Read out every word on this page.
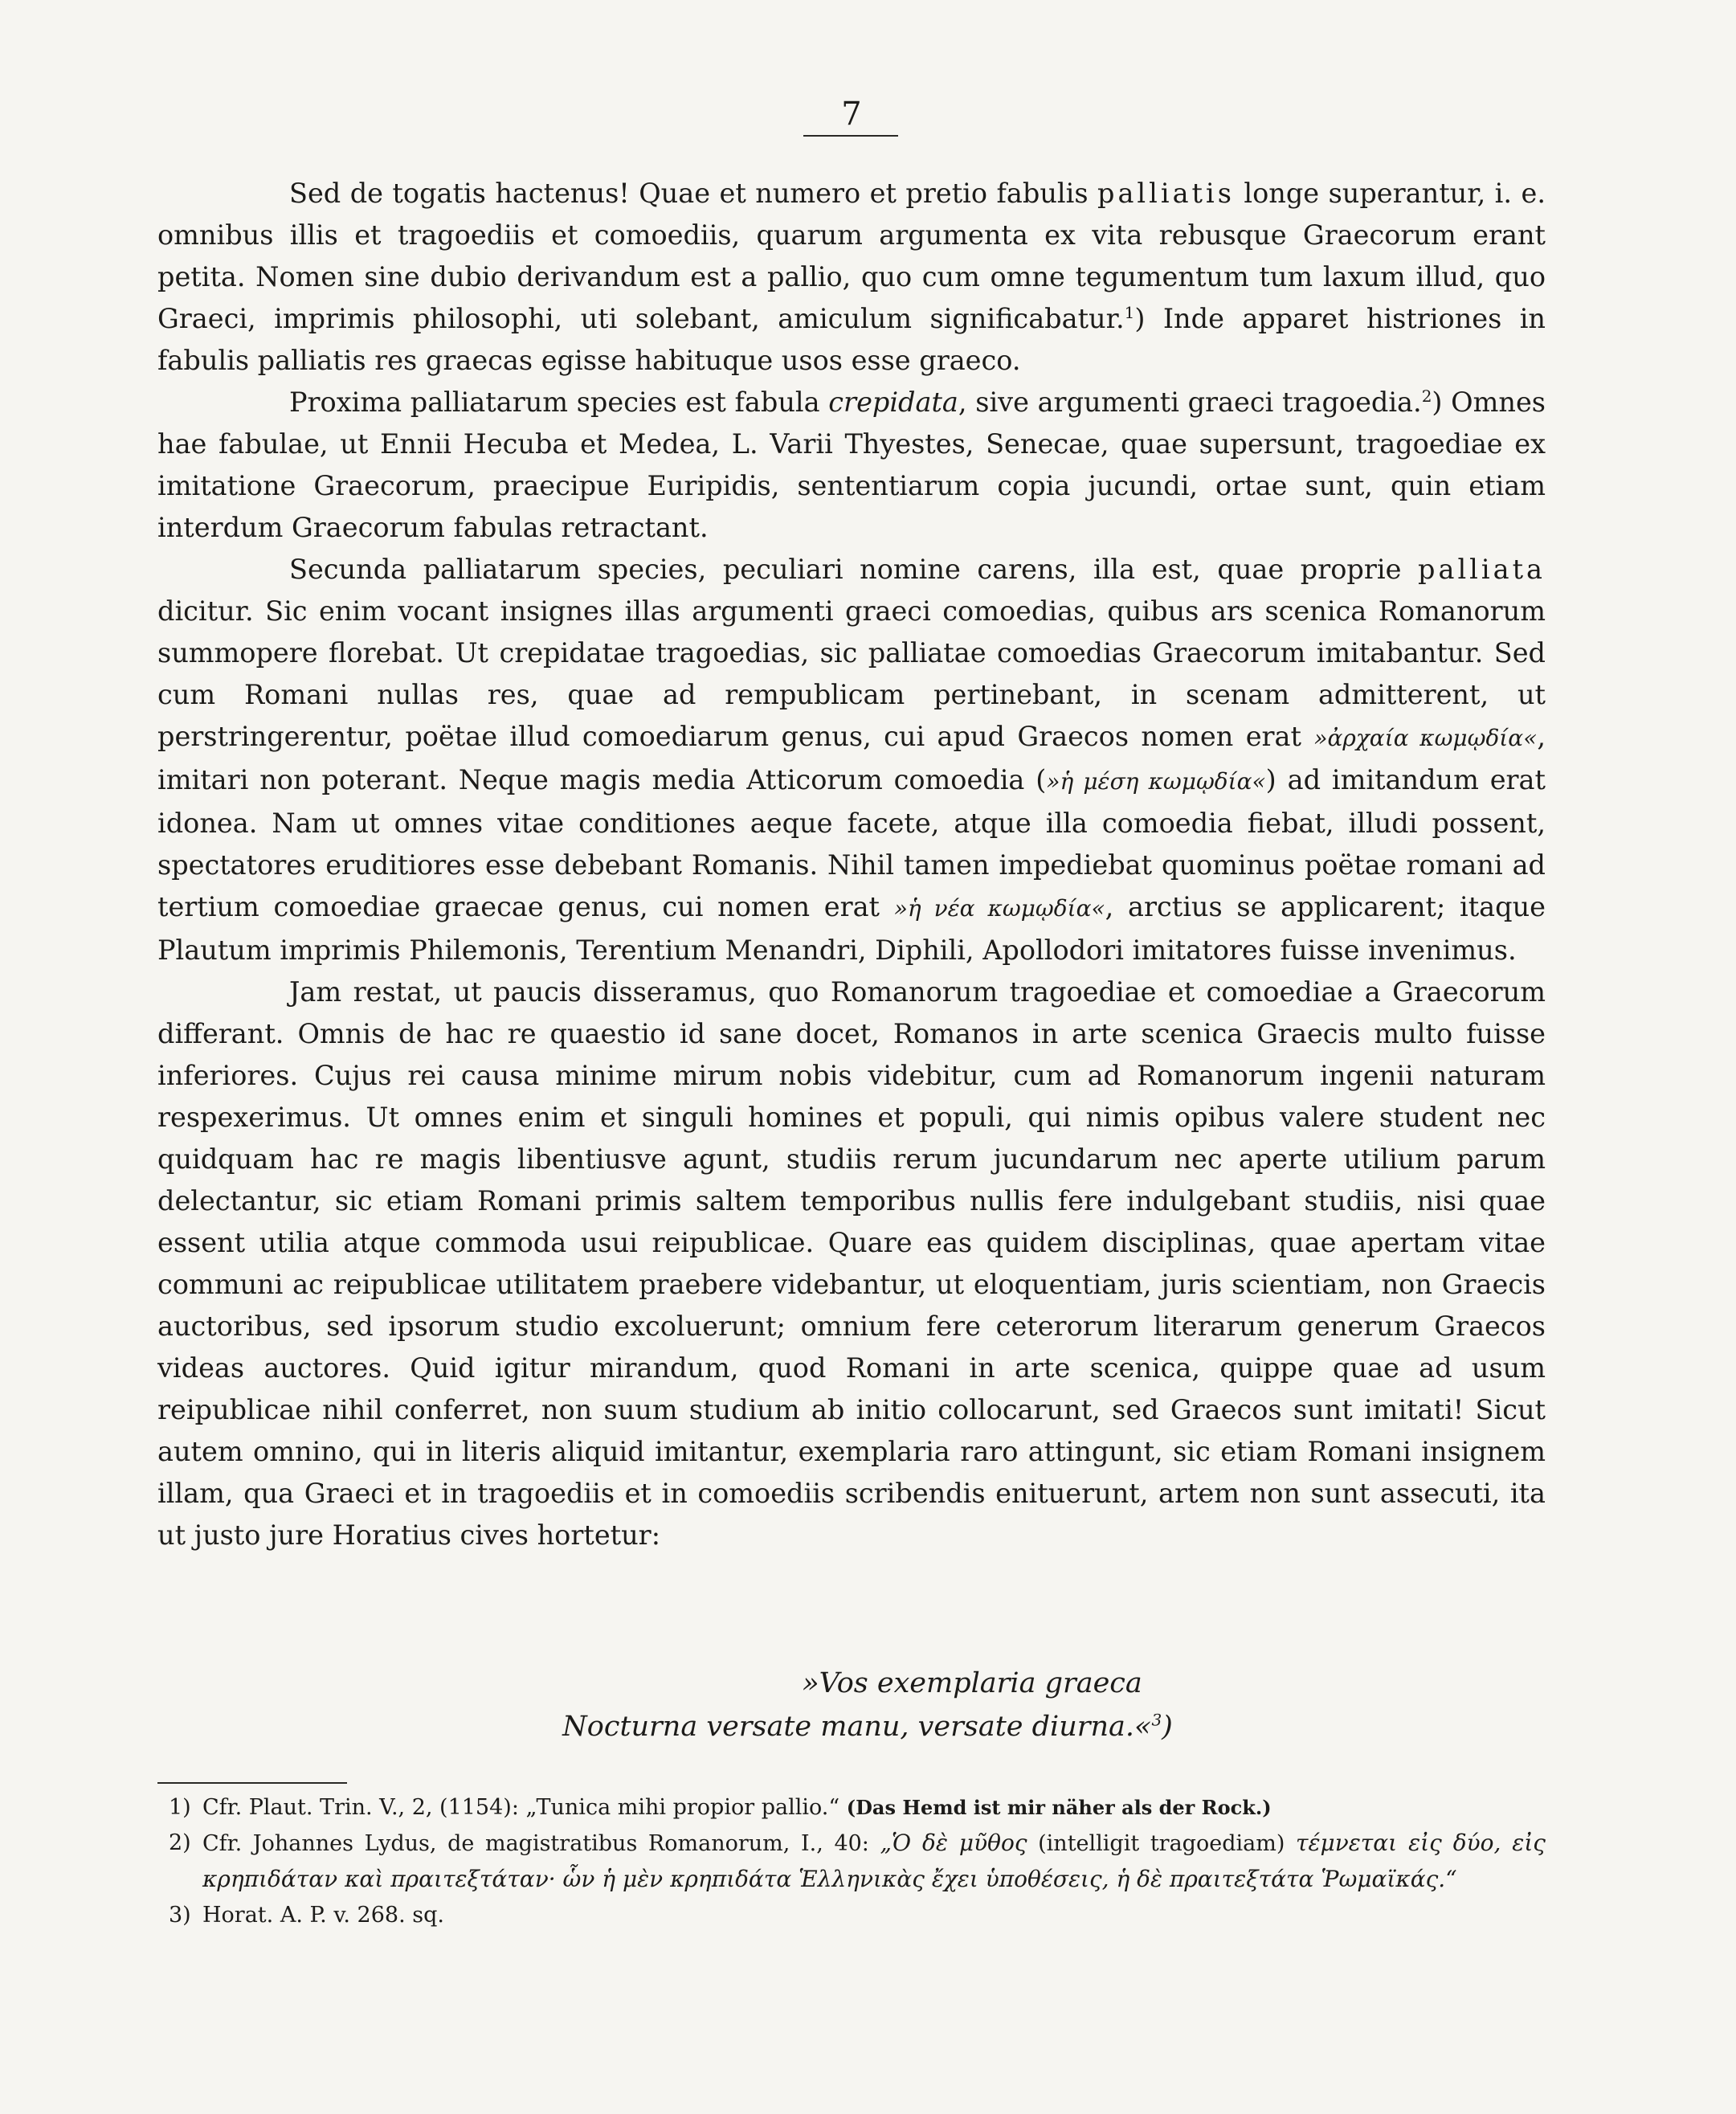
7

Sed de togatis hactenus! Quae et numero et pretio fabulis palliatis longe superantur, i. e. omnibus illis et tragoediis et comoediis, quarum argumenta ex vita rebusque Graecorum erant petita. Nomen sine dubio derivandum est a pallio, quo cum omne tegumentum tum laxum illud, quo Graeci, imprimis philosophi, uti solebant, amiculum significabatur.$^1$) Inde apparet histriones in fabulis palliatis res graecas egisse habituque usos esse graeco.

Proxima palliatarum species est fabula crepidata, sive argumenti graeci tragoedia.$^2$) Omnes hae fabulae, ut Ennii Hecuba et Medea, L. Varii Thyestes, Senecae, quae supersunt, tragoediae ex imitatione Graecorum, praecipue Euripidis, sententiarum copia jucundi, ortae sunt, quin etiam interdum Graecorum fabulas retractant.

Secunda palliatarum species, peculiari nomine carens, illa est, quae proprie palliata dicitur. Sic enim vocant insignes illas argumenti graeci comoedias, quibus ars scenica Romanorum summopere florebat. Ut crepidatae tragoedias, sic palliatae comoedias Graecorum imitabantur. Sed cum Romani nullas res, quae ad rempublicam pertinebant, in scenam admitterent, ut perstringerentur, poëtae illud comoediarum genus, cui apud Graecos nomen erat »ἀρχαία κωμῳδία«, imitari non poterant. Neque magis media Atticorum comoedia (»ἡ μέση κωμῳδία«) ad imitandum erat idonea. Nam ut omnes vitae conditiones aeque facete, atque illa comoedia fiebat, illudi possent, spectatores eruditiores esse debebant Romanis. Nihil tamen impediebat quominus poëtae romani ad tertium comoediae graecae genus, cui nomen erat »ἡ νέα κωμῳδία«, arctius se applicarent; itaque Plautum imprimis Philemonis, Terentium Menandri, Diphili, Apollodori imitatores fuisse invenimus.

Jam restat, ut paucis disseramus, quo Romanorum tragoediae et comoediae a Graecorum differant. Omnis de hac re quaestio id sane docet, Romanos in arte scenica Graecis multo fuisse inferiores. Cujus rei causa minime mirum nobis videbitur, cum ad Romanorum ingenii naturam respexerimus. Ut omnes enim et singuli homines et populi, qui nimis opibus valere student nec quidquam hac re magis libentiusve agunt, studiis rerum jucundarum nec aperte utilium parum delectantur, sic etiam Romani primis saltem temporibus nullis fere indulgebant studiis, nisi quae essent utilia atque commoda usui reipublicae. Quare eas quidem disciplinas, quae apertam vitae communi ac reipublicae utilitatem praebere videbantur, ut eloquentiam, juris scientiam, non Graecis auctoribus, sed ipsorum studio excoluerunt; omnium fere ceterorum literarum generum Graecos videas auctores. Quid igitur mirandum, quod Romani in arte scenica, quippe quae ad usum reipublicae nihil conferret, non suum studium ab initio collocarunt, sed Graecos sunt imitati! Sicut autem omnino, qui in literis aliquid imitantur, exemplaria raro attingunt, sic etiam Romani insignem illam, qua Graeci et in tragoediis et in comoediis scribendis enituerunt, artem non sunt assecuti, ita ut justo jure Horatius cives hortetur:

»Vos exemplaria graeca
Nocturna versate manu, versate diurna.«$^3$)
1) Cfr. Plaut. Trin. V., 2, (1154): „Tunica mihi propior pallio.“ (Das Hemd ist mir näher als der Rock.)
2) Cfr. Johannes Lydus, de magistratibus Romanorum, I., 40: „Ὁ δὲ μῦθος (intelligit tragoediam) τέμνεται εἰς δύο, εἰς κρηπιδάταν καὶ πραιτεξτάταν· ὧν ἡ μὲν κρηπιδάτα Ἑλληνικὰς ἔχει ὑποθέσεις, ἡ δὲ πραιτεξτάτα Ῥωμαϊκάς.“
3) Horat. A. P. v. 268. sq.
